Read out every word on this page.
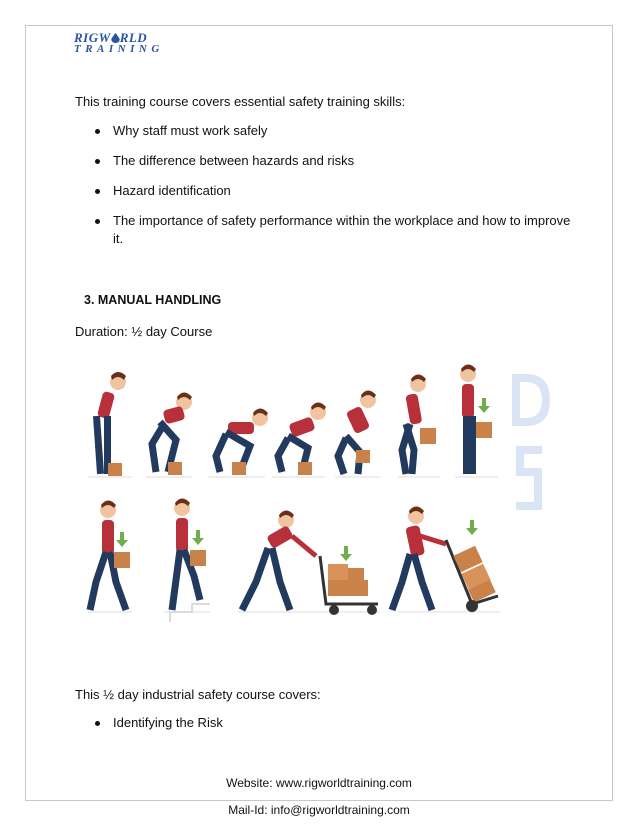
RIGW RLD
TRAINING
This training course covers essential safety training skills:
Why staff must work safely
The difference between hazards and risks
Hazard identification
The importance of safety performance within the workplace and how to improve it.
3. MANUAL HANDLING
Duration: ½ day Course
This ½ day industrial safety course covers:
Identifying the Risk
Website: www.rigworldtraining.com
Mail-Id: info@rigworldtraining.com
